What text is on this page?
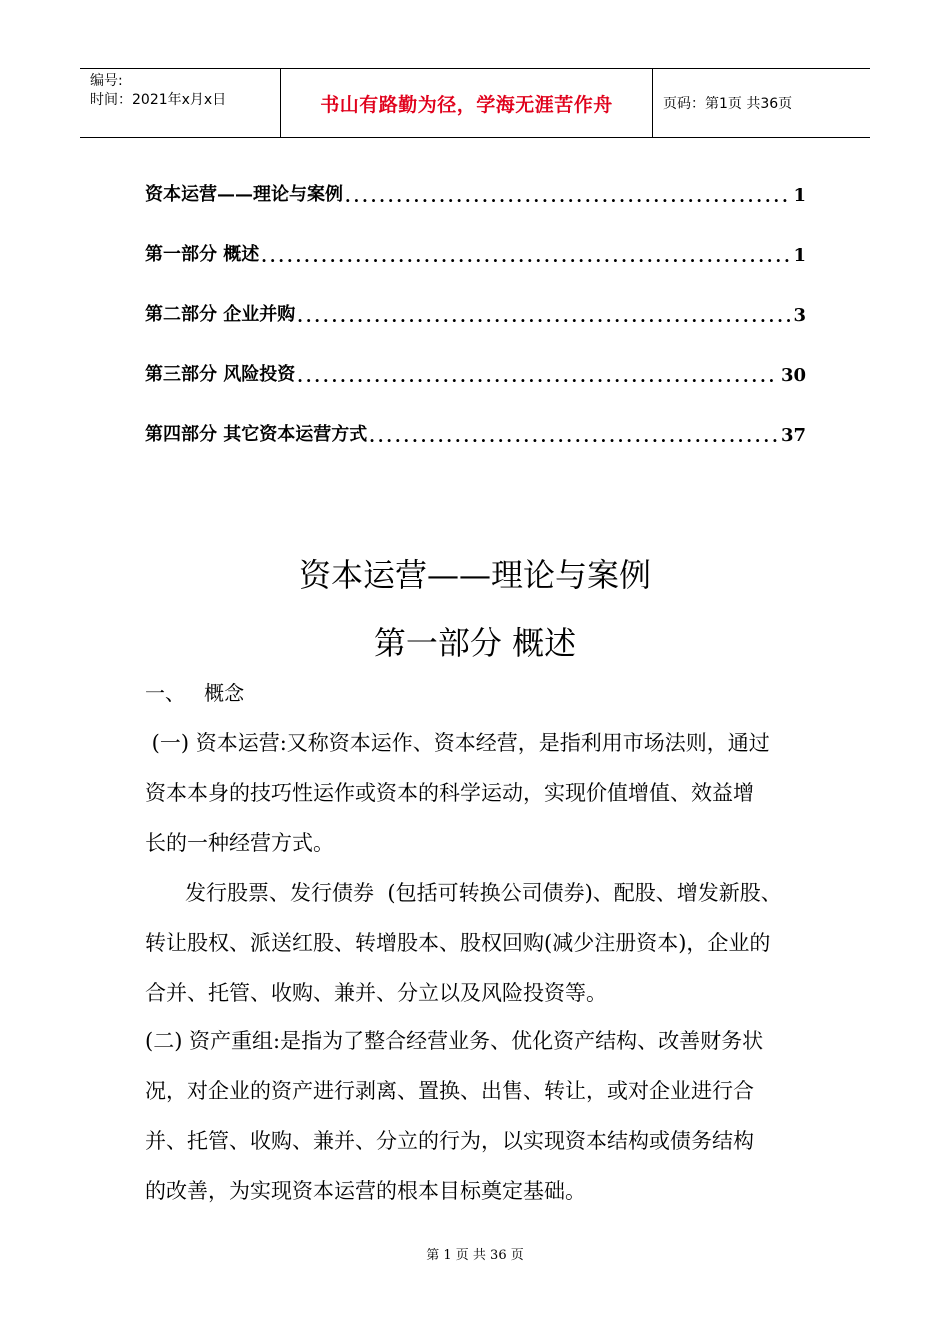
编号:
时间：2021年x月x日	书山有路勤为径，学海无涯苦作舟	页码：第1页 共36页
资本运营——理论与案例 .....	1
第一部分 概述 .....	1
第二部分 企业并购 .....	3
第三部分 风险投资 .....	30
第四部分 其它资本运营方式 .....	37
资本运营——理论与案例
第一部分 概述
一、   概念
(一) 资本运营:又称资本运作、资本经营，是指利用市场法则，通过
资本本身的技巧性运作或资本的科学运动，实现价值增值、效益增
长的一种经营方式。
发行股票、发行债券  (包括可转换公司债券)、配股、增发新股、
转让股权、派送红股、转增股本、股权回购(减少注册资本)，企业的
合并、托管、收购、兼并、分立以及风险投资等。
(二) 资产重组:是指为了整合经营业务、优化资产结构、改善财务状
况，对企业的资产进行剥离、置换、出售、转让，或对企业进行合
并、托管、收购、兼并、分立的行为，以实现资本结构或债务结构
的改善，为实现资本运营的根本目标奠定基础。
第 1 页 共 36 页
